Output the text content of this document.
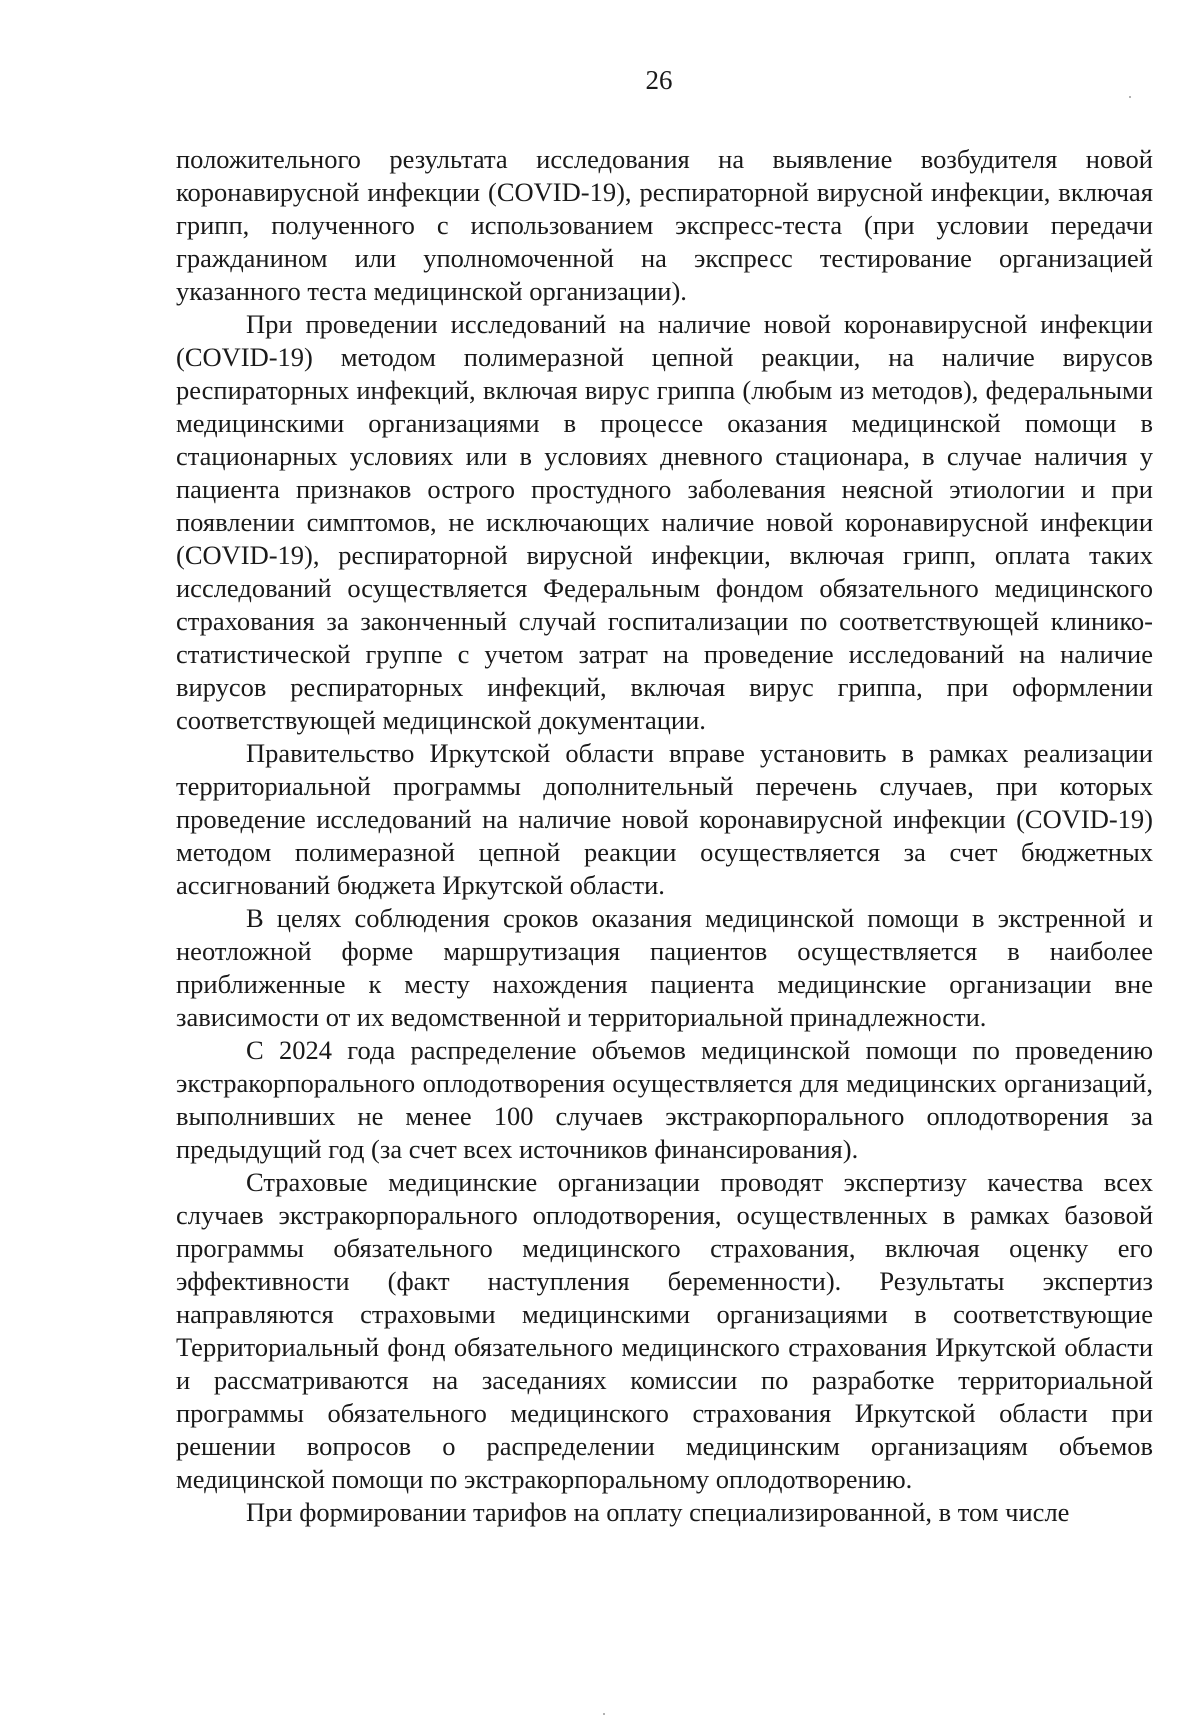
26

положительного результата исследования на выявление возбудителя новой коронавирусной инфекции (COVID-19), респираторной вирусной инфекции, включая грипп, полученного с использованием экспресс-теста (при условии передачи гражданином или уполномоченной на экспресс тестирование организацией указанного теста медицинской организации).

При проведении исследований на наличие новой коронавирусной инфекции (COVID-19) методом полимеразной цепной реакции, на наличие вирусов респираторных инфекций, включая вирус гриппа (любым из методов), федеральными медицинскими организациями в процессе оказания медицинской помощи в стационарных условиях или в условиях дневного стационара, в случае наличия у пациента признаков острого простудного заболевания неясной этиологии и при появлении симптомов, не исключающих наличие новой коронавирусной инфекции (COVID-19), респираторной вирусной инфекции, включая грипп, оплата таких исследований осуществляется Федеральным фондом обязательного медицинского страхования за законченный случай госпитализации по соответствующей клинико-статистической группе с учетом затрат на проведение исследований на наличие вирусов респираторных инфекций, включая вирус гриппа, при оформлении соответствующей медицинской документации.

Правительство Иркутской области вправе установить в рамках реализации территориальной программы дополнительный перечень случаев, при которых проведение исследований на наличие новой коронавирусной инфекции (COVID-19) методом полимеразной цепной реакции осуществляется за счет бюджетных ассигнований бюджета Иркутской области.

В целях соблюдения сроков оказания медицинской помощи в экстренной и неотложной форме маршрутизация пациентов осуществляется в наиболее приближенные к месту нахождения пациента медицинские организации вне зависимости от их ведомственной и территориальной принадлежности.

С 2024 года распределение объемов медицинской помощи по проведению экстракорпорального оплодотворения осуществляется для медицинских организаций, выполнивших не менее 100 случаев экстракорпорального оплодотворения за предыдущий год (за счет всех источников финансирования).

Страховые медицинские организации проводят экспертизу качества всех случаев экстракорпорального оплодотворения, осуществленных в рамках базовой программы обязательного медицинского страхования, включая оценку его эффективности (факт наступления беременности). Результаты экспертиз направляются страховыми медицинскими организациями в соответствующие Территориальный фонд обязательного медицинского страхования Иркутской области и рассматриваются на заседаниях комиссии по разработке территориальной программы обязательного медицинского страхования Иркутской области при решении вопросов о распределении медицинским организациям объемов медицинской помощи по экстракорпоральному оплодотворению.

При формировании тарифов на оплату специализированной, в том числе
